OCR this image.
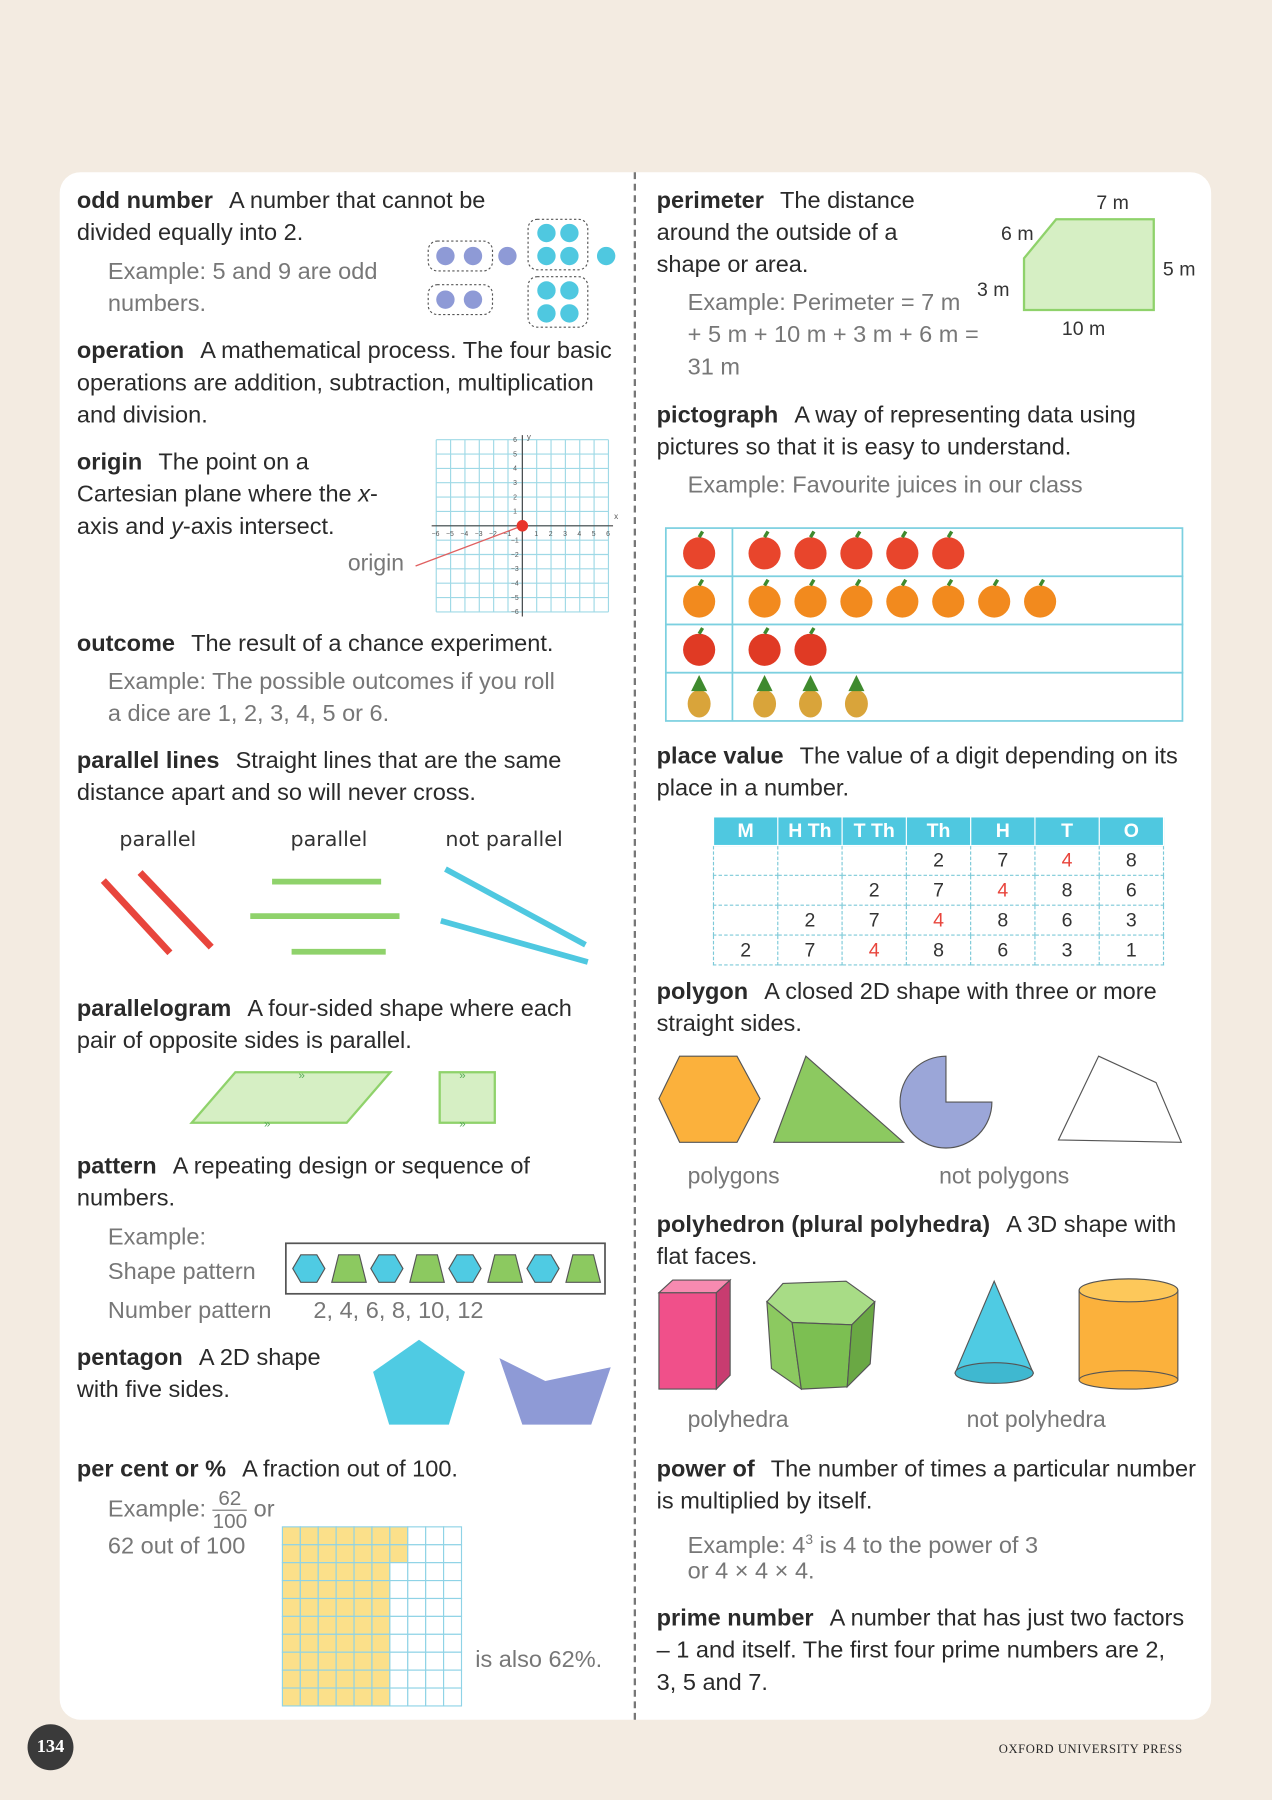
odd number A number that cannot be divided equally into 2.
Example: 5 and 9 are odd numbers.
operation A mathematical process. The four basic operations are addition, subtraction, multiplication and division.
origin The point on a Cartesian plane where the x-axis and y-axis intersect.
origin
1
1
2
2
3
3
4
4
5
5
6
6
−1
−1
−2
−2
−3
−3
−4
−4
−5
−5
−6
−6
x
y
outcome The result of a chance experiment.
Example: The possible outcomes if you roll a dice are 1, 2, 3, 4, 5 or 6.
parallel lines Straight lines that are the same distance apart and so will never cross.
parallel	parallel	not parallel
parallelogram A four-sided shape where each pair of opposite sides is parallel.
»
»
»
»
pattern A repeating design or sequence of numbers.
Example:
Shape pattern
Number pattern 2, 4, 6, 8, 10, 12
pentagon A 2D shape with five sides.
per cent or % A fraction out of 100.
Example: $\frac{62}{100}$ or
62 out of 100
is also 62%.
perimeter The distance around the outside of a shape or area.
Example: Perimeter = 7 m + 5 m + 10 m + 3 m + 6 m = 31 m
7 m
6 m
5 m
3 m
10 m
pictograph A way of representing data using pictures so that it is easy to understand.
Example: Favourite juices in our class
place value The value of a digit depending on its place in a number.
M	H Th	T Th	Th	H	T	O
			2	7	4	8
		2	7	4	8	6
	2	7	4	8	6	3
2	7	4	8	6	3	1
polygon A closed 2D shape with three or more straight sides.
polygons	not polygons
polyhedron (plural polyhedra) A 3D shape with flat faces.
polyhedra	not polyhedra
power of The number of times a particular number is multiplied by itself.
Example: $4^3$ is 4 to the power of 3
or 4 × 4 × 4.
prime number A number that has just two factors – 1 and itself. The first four prime numbers are 2, 3, 5 and 7.
134	OXFORD UNIVERSITY PRESS
